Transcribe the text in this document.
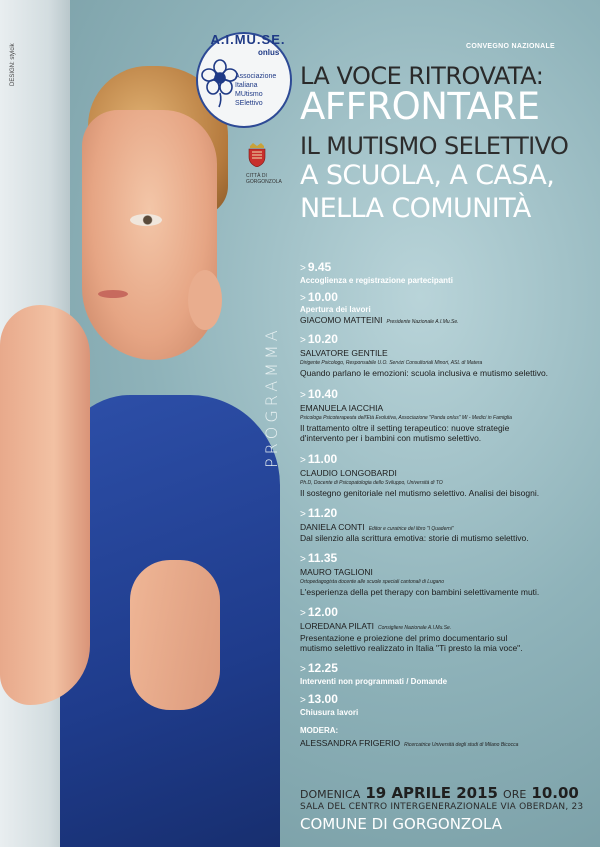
DESIGN: stylcik
A.I.MU.SE.
onlus
Associazione
Italiana
MUtismo
SElettivo
CITTÀ DI
GORGONZOLA
CONVEGNO NAZIONALE
LA VOCE RITROVATA:
AFFRONTARE
IL MUTISMO SELETTIVO
A SCUOLA, A CASA,
NELLA COMUNITÀ
PROGRAMMA
> 9.45
Accoglienza e registrazione partecipanti
> 10.00
Apertura dei lavori
GIACOMO MATTEINI Presidente Nazionale A.I.Mu.Se.
> 10.20
SALVATORE GENTILE
Dirigente Psicologo, Responsabile U.O. Servizi Consultoriali Minori, ASL di Matera
Quando parlano le emozioni: scuola inclusiva e mutismo selettivo.
> 10.40
EMANUELA IACCHIA
Psicologa Psicoterapeuta dell'Età Evolutiva, Associazione "Panda onlus" MI - Medici in Famiglia
Il trattamento oltre il setting terapeutico: nuove strategie
d'intervento per i bambini con mutismo selettivo.
> 11.00
CLAUDIO LONGOBARDI
Ph.D, Docente di Psicopatologia dello Sviluppo, Università di TO
Il sostegno genitoriale nel mutismo selettivo. Analisi dei bisogni.
> 11.20
DANIELA CONTI Editor e curatrice del libro "I Quaderni"
Dal silenzio alla scrittura emotiva: storie di mutismo selettivo.
> 11.35
MAURO TAGLIONI
Ortopedagogista docente alle scuole speciali cantonali di Lugano
L'esperienza della pet therapy con bambini selettivamente muti.
> 12.00
LOREDANA PILATI Consigliere Nazionale A.I.Mu.Se.
Presentazione e proiezione del primo documentario sul
mutismo selettivo realizzato in Italia "Ti presto la mia voce".
> 12.25
Interventi non programmati / Domande
> 13.00
Chiusura lavori
MODERA:
ALESSANDRA FRIGERIO Ricercatrice Università degli studi di Milano Bicocca
DOMENICA 19 APRILE 2015 ORE 10.00
SALA DEL CENTRO INTERGENERAZIONALE VIA OBERDAN, 23
COMUNE DI GORGONZOLA
